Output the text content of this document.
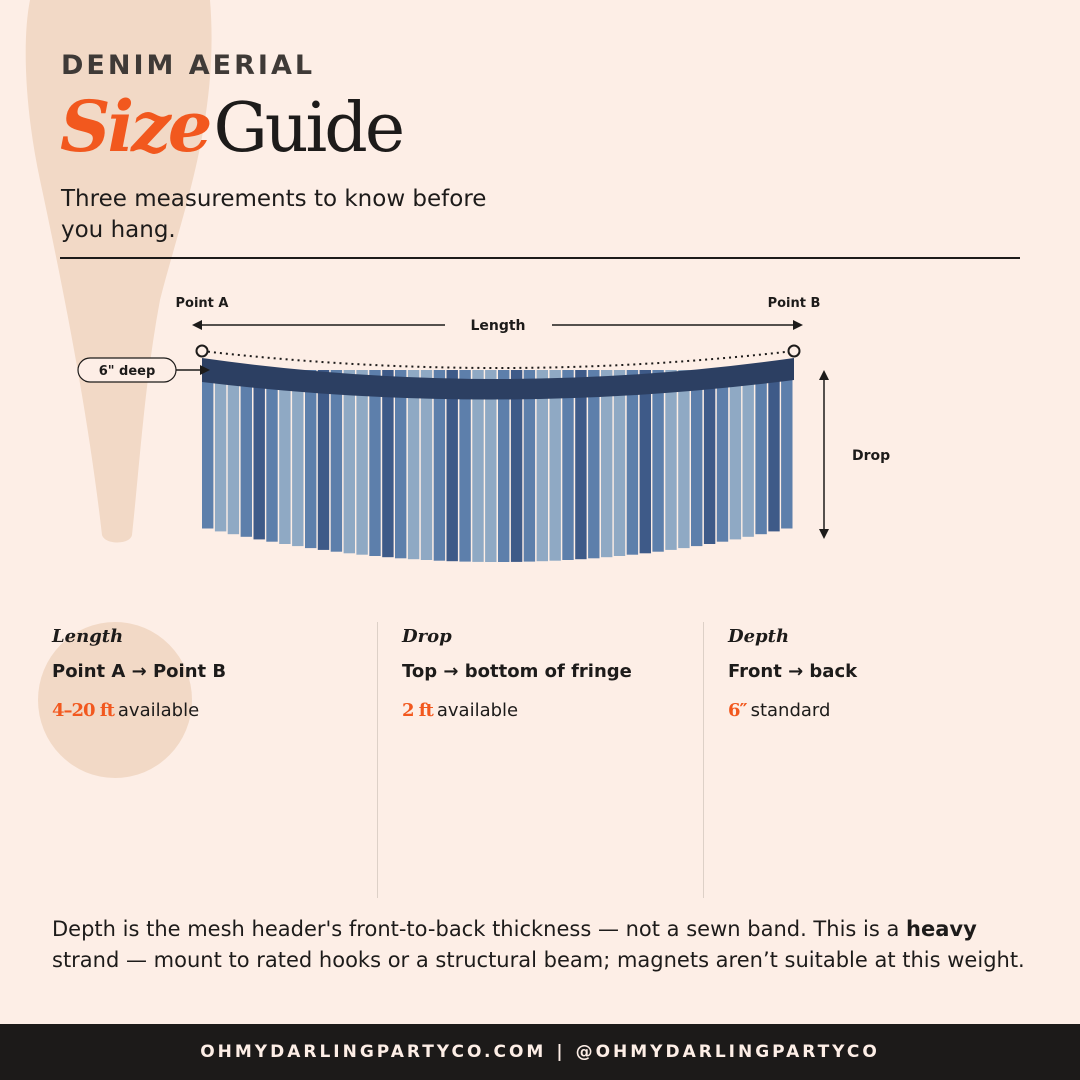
DENIM AERIAL
SizeGuide
Three measurements to know before you hang.
Point A	Point B
Length
6" deep
Drop
Length
Point A → Point B
4–20 ft available
Drop
Top → bottom of fringe
2 ft available
Depth
Front → back
6″ standard
Depth is the mesh header's front-to-back thickness — not a sewn band. This is a heavy strand — mount to rated hooks or a structural beam; magnets aren’t suitable at this weight.
OHMYDARLINGPARTYCO.COM | @OHMYDARLINGPARTYCO
